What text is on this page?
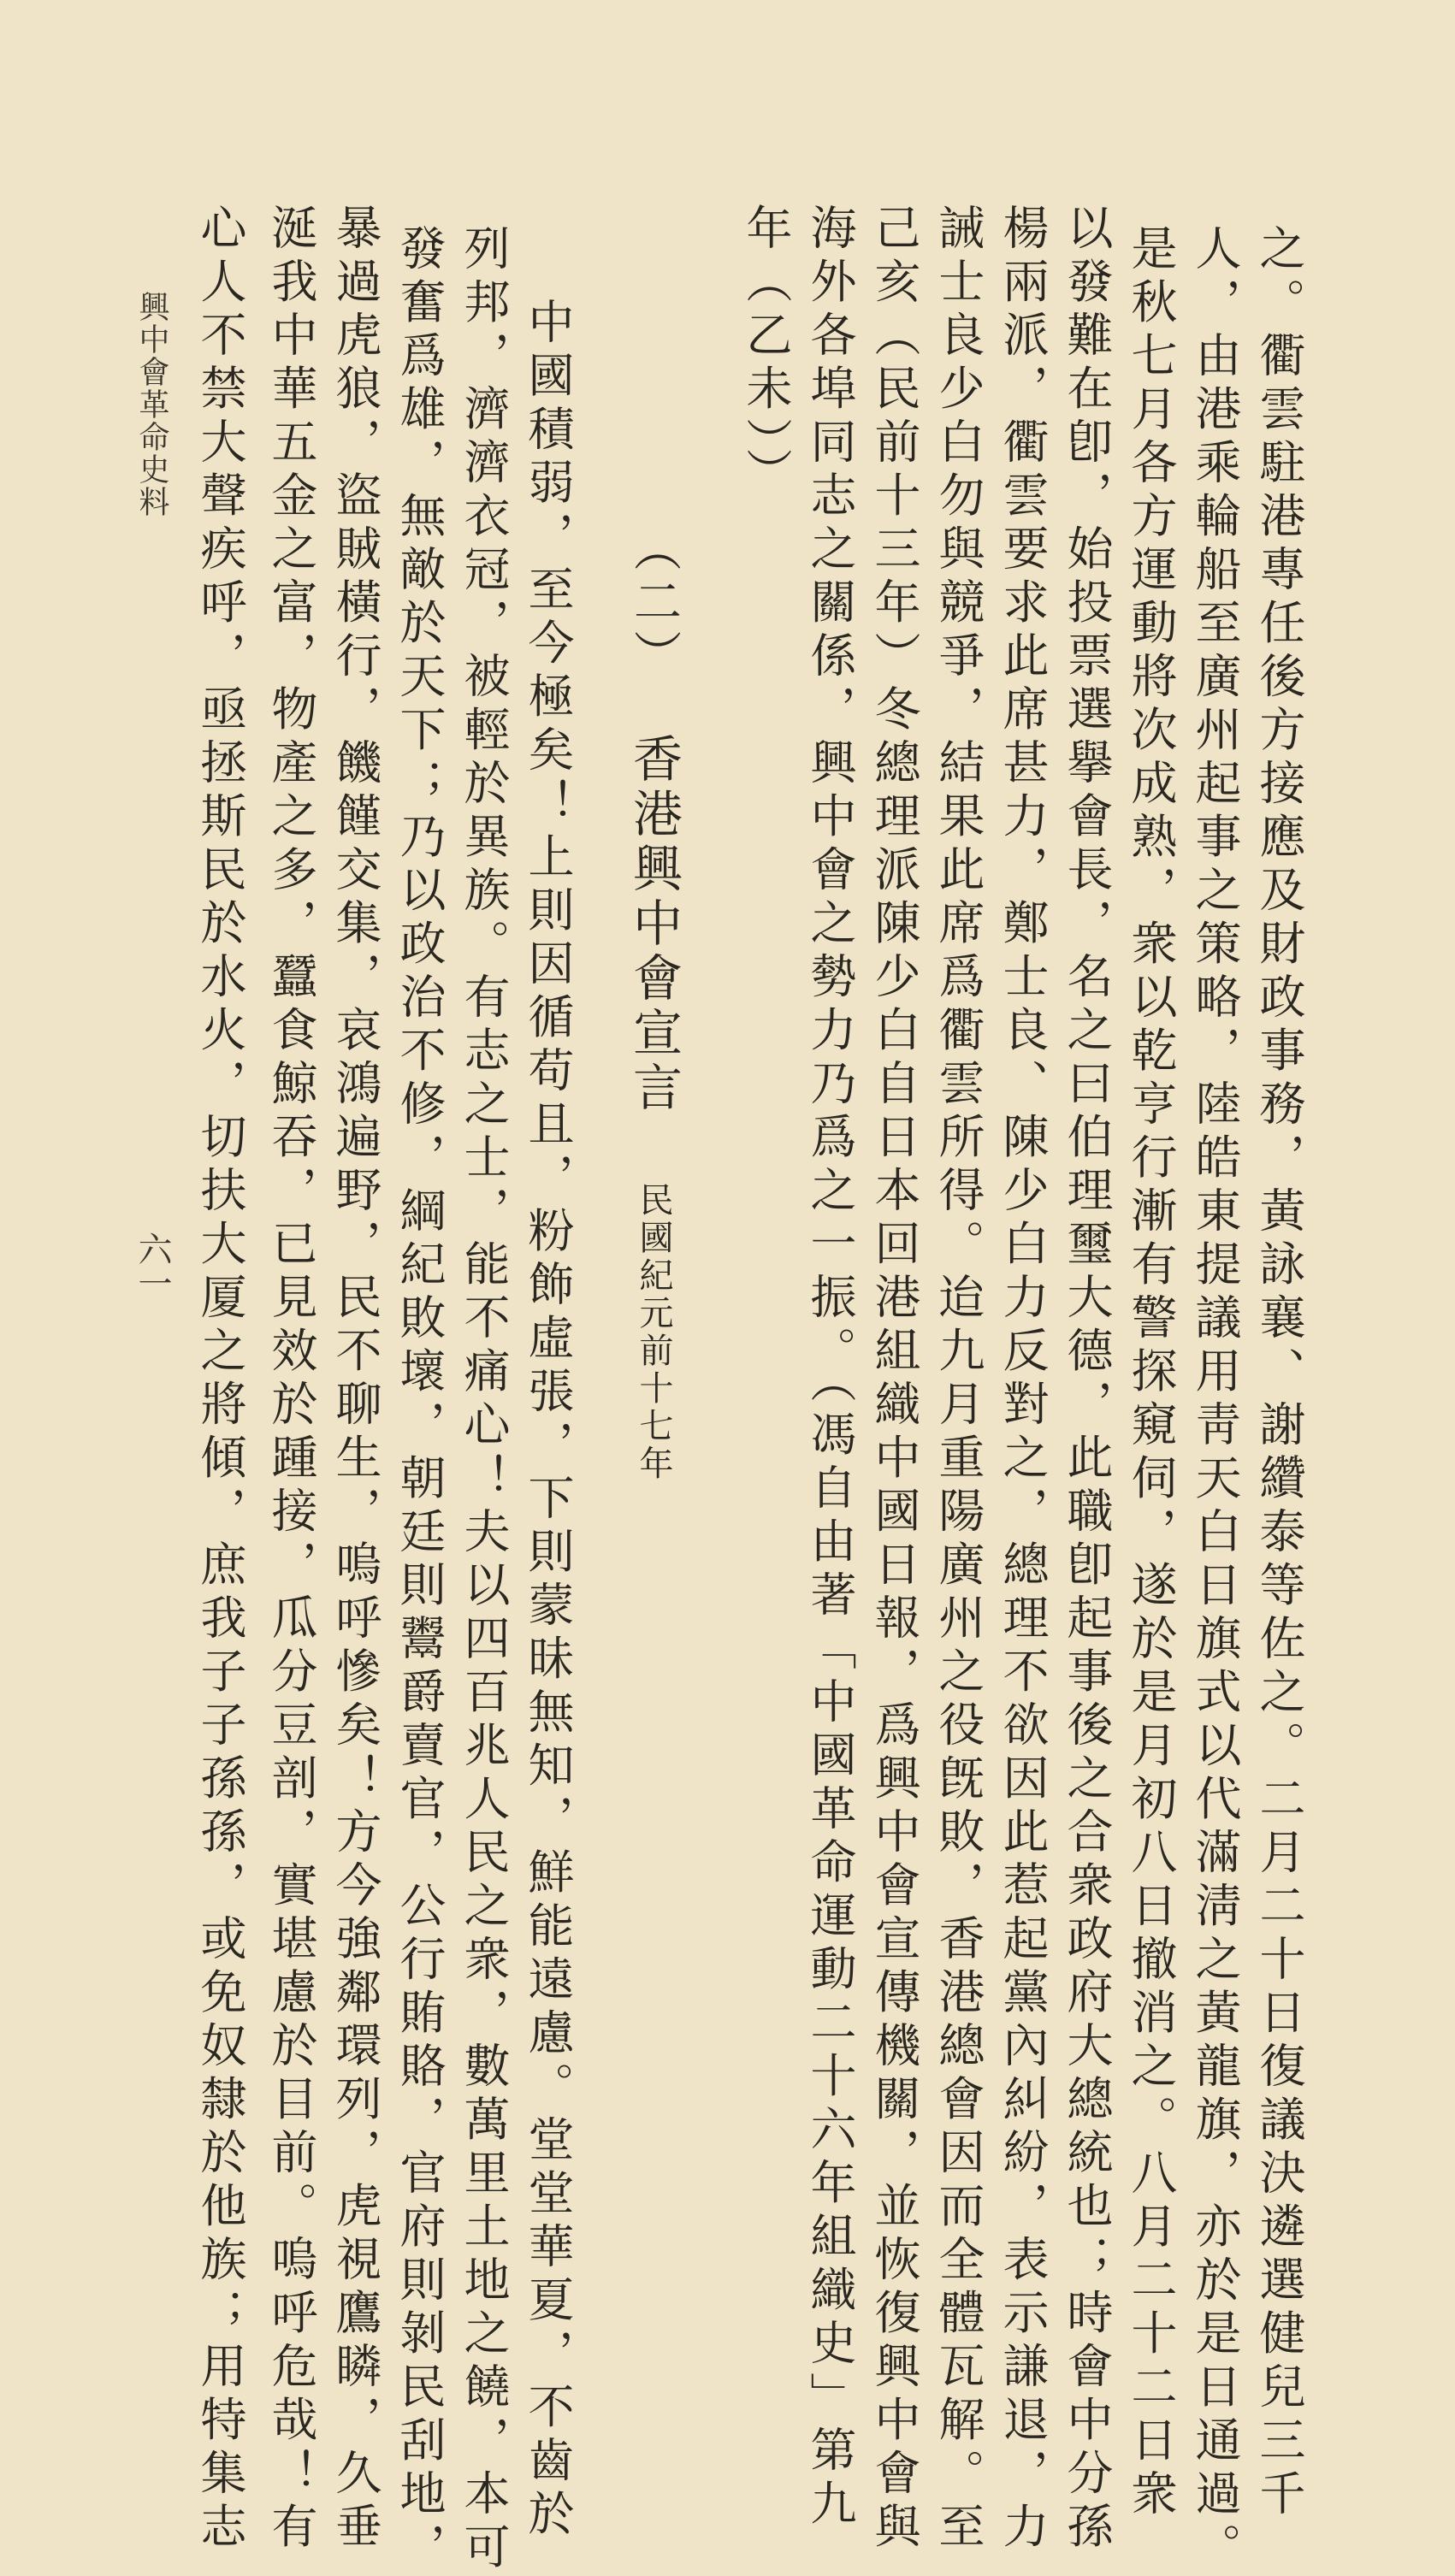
之。衢雲駐港專任後方接應及財政事務，黃詠襄、謝纘泰等佐之。二月二十日復議決遴選健兒三千
人，由港乘輪船至廣州起事之策略，陸皓東提議用靑天白日旗式以代滿淸之黃龍旗，亦於是日通過。
是秋七月各方運動將次成熟，衆以乾亨行漸有警探窺伺，遂於是月初八日撤消之。八月二十二日衆
以發難在卽，始投票選擧會長，名之曰伯理璽大德，此職卽起事後之合衆政府大總統也；時會中分孫
楊兩派，衢雲要求此席甚力，鄭士良、陳少白力反對之，總理不欲因此惹起黨內糾紛，表示謙退，力
誡士良少白勿與競爭，結果此席爲衢雲所得。迨九月重陽廣州之役旣敗，香港總會因而全體瓦解。至
己亥（民前十三年）冬總理派陳少白自日本回港組織中國日報，爲興中會宣傳機關，並恢復興中會與
海外各埠同志之關係，興中會之勢力乃爲之一振。（馮自由著「中國革命運動二十六年組織史」第九
年（乙未））
（二） 香港興中會宣言 民國紀元前十七年
中國積弱，至今極矣！上則因循苟且，粉飾虛張，下則蒙昧無知，鮮能遠慮。堂堂華夏，不齒於
列邦，濟濟衣冠，被輕於異族。有志之士，能不痛心！夫以四百兆人民之衆，數萬里土地之饒，本可
發奮爲雄，無敵於天下；乃以政治不修，綱紀敗壞，朝廷則鬻爵賣官，公行賄賂，官府則剝民刮地，
暴過虎狼，盜賊橫行，饑饉交集，哀鴻遍野，民不聊生，嗚呼慘矣！方今強鄰環列，虎視鷹瞵，久垂
涎我中華五金之富，物產之多，蠶食鯨吞，已見效於踵接，瓜分豆剖，實堪慮於目前。嗚呼危哉！有
心人不禁大聲疾呼，亟拯斯民於水火，切扶大厦之將傾，庶我子子孫孫，或免奴隸於他族；用特集志
興中會革命史料
六一
